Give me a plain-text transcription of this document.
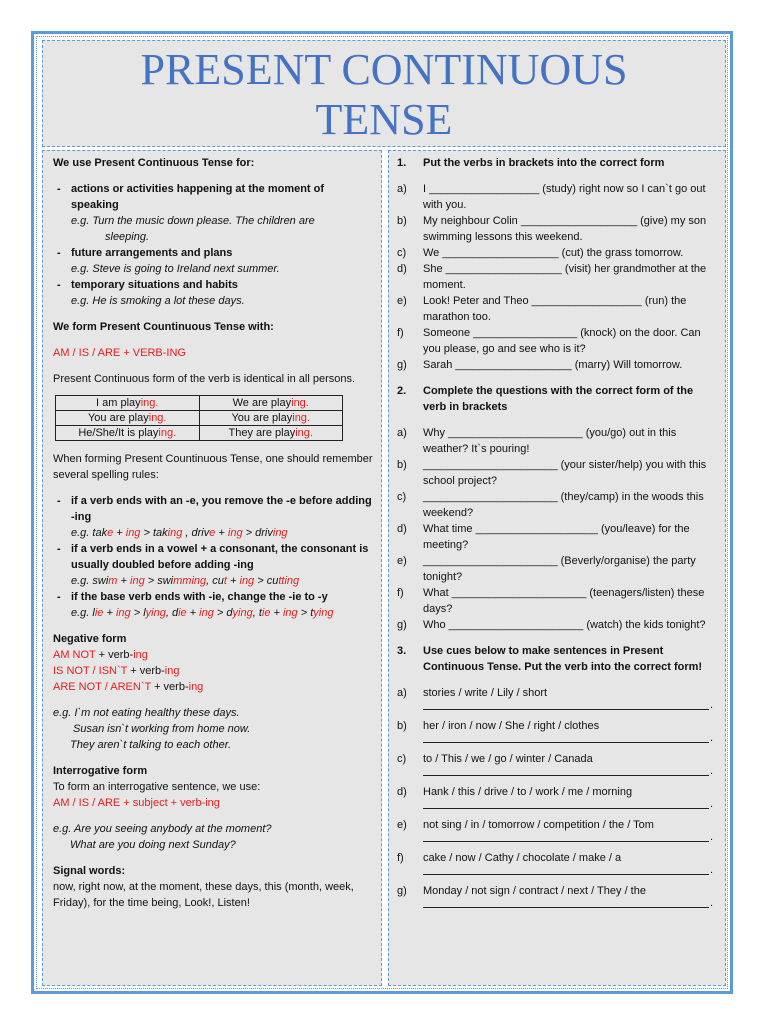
PRESENT CONTINUOUS
TENSE

We use Present Continuous Tense for:

- actions or activities happening at the moment of speaking

e.g. Turn the music down please. The children are

sleeping.

- future arrangements and plans

e.g. Steve is going to Ireland next summer.

- temporary situations and habits

e.g. He is smoking a lot these days.

We form Present Countinuous Tense with:

AM / IS / ARE + VERB-ING

Present Continuous form of the verb is identical in all persons.

I am playing.	We are playing.
You are playing.	You are playing.
He/She/It is playing.	They are playing.

When forming Present Countinuous Tense, one should remember several spelling rules:

- if a verb ends with an -e, you remove the -e before adding -ing

e.g. take + ing > taking , drive + ing > driving

- if a verb ends in a vowel + a consonant, the consonant is usually doubled before adding -ing

e.g. swim + ing > swimming, cut + ing > cutting

- if the base verb ends with -ie, change the -ie to -y

e.g. lie + ing > lying, die + ing > dying, tie + ing > tying

Negative form

AM NOT + verb-ing

IS NOT / ISN`T + verb-ing

ARE NOT / AREN`T + verb-ing

e.g. I`m not eating healthy these days.

Susan isn`t working from home now.

They aren`t talking to each other.

Interrogative form

To form an interrogative sentence, we use:

AM / IS / ARE + subject + verb-ing

e.g. Are you seeing anybody at the moment?

What are you doing next Sunday?

Signal words:

now, right now, at the moment, these days, this (month, week, Friday), for the time being, Look!, Listen!

1.	Put the verbs in brackets into the correct form
a)	I __________________ (study) right now so I can`t go out with you.
b)	My neighbour Colin ___________________ (give) my son swimming lessons this weekend.
c)	We ___________________ (cut) the grass tomorrow.
d)	She ___________________ (visit) her grandmother at the moment.
e)	Look! Peter and Theo __________________ (run) the marathon too.
f)	Someone _________________ (knock) on the door. Can you please, go and see who is it?
g)	Sarah ___________________ (marry) Will tomorrow.
2.	Complete the questions with the correct form of the verb in brackets
a)	Why ______________________ (you/go) out in this weather? It`s pouring!
b)	______________________ (your sister/help) you with this school project?
c)	______________________ (they/camp) in the woods this weekend?
d)	What time ____________________ (you/leave) for the meeting?
e)	______________________ (Beverly/organise) the party tonight?
f)	What ______________________ (teenagers/listen) these days?
g)	Who ______________________ (watch) the kids tonight?
3.	Use cues below to make sentences in Present Continuous Tense. Put the verb into the correct form!
a)	stories / write / Lily / short
.
b)	her / iron / now / She / right / clothes
.
c)	to / This / we / go / winter / Canada
.
d)	Hank / this / drive / to / work / me / morning
.
e)	not sing / in / tomorrow / competition / the / Tom
.
f)	cake / now / Cathy / chocolate / make / a
.
g)	Monday / not sign / contract / next / They / the
.
